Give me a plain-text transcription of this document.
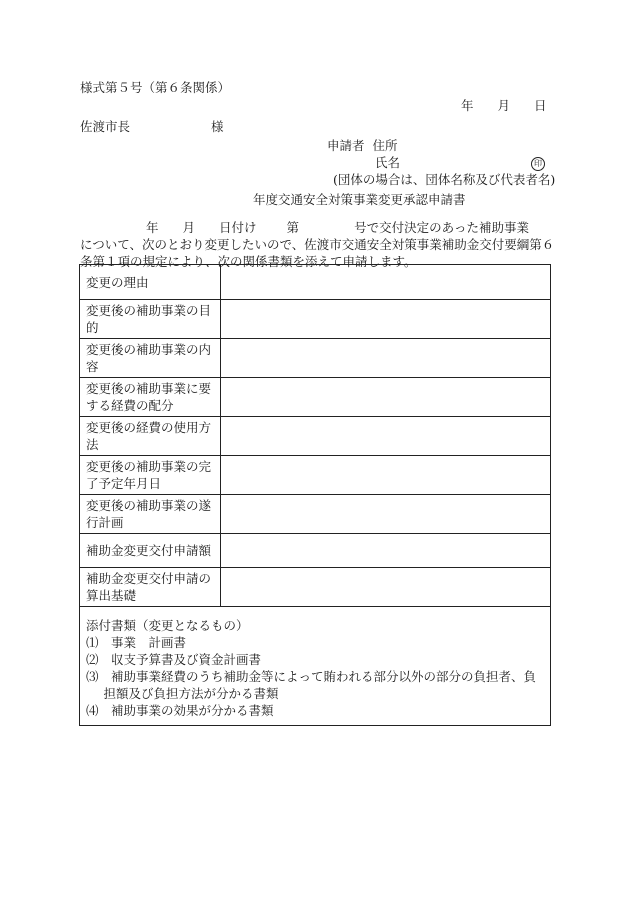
様式第５号（第６条関係）
年 月 日
佐渡市長	様
申請者 住所
氏名	印
(団体の場合は、団体名称及び代表者名)
年度交通安全対策事業変更承認申請書
年 月 日付け 第	号で交付決定のあった補助事業
について、次のとおり変更したいので、佐渡市交通安全対策事業補助金交付要綱第６
条第１項の規定により、次の関係書類を添えて申請します。
変更の理由	
変更後の補助事業の目的	
変更後の補助事業の内容	
変更後の補助事業に要する経費の配分	
変更後の経費の使用方法	
変更後の補助事業の完了予定年月日	
変更後の補助事業の遂行計画	
補助金変更交付申請額	
補助金変更交付申請の算出基礎	

添付書類（変更となるもの）
⑴　事業　計画書
⑵　収支予算書及び資金計画書
⑶　補助事業経費のうち補助金等によって賄われる部分以外の部分の負担者、負担額及び負担方法が分かる書類
⑷　補助事業の効果が分かる書類	
